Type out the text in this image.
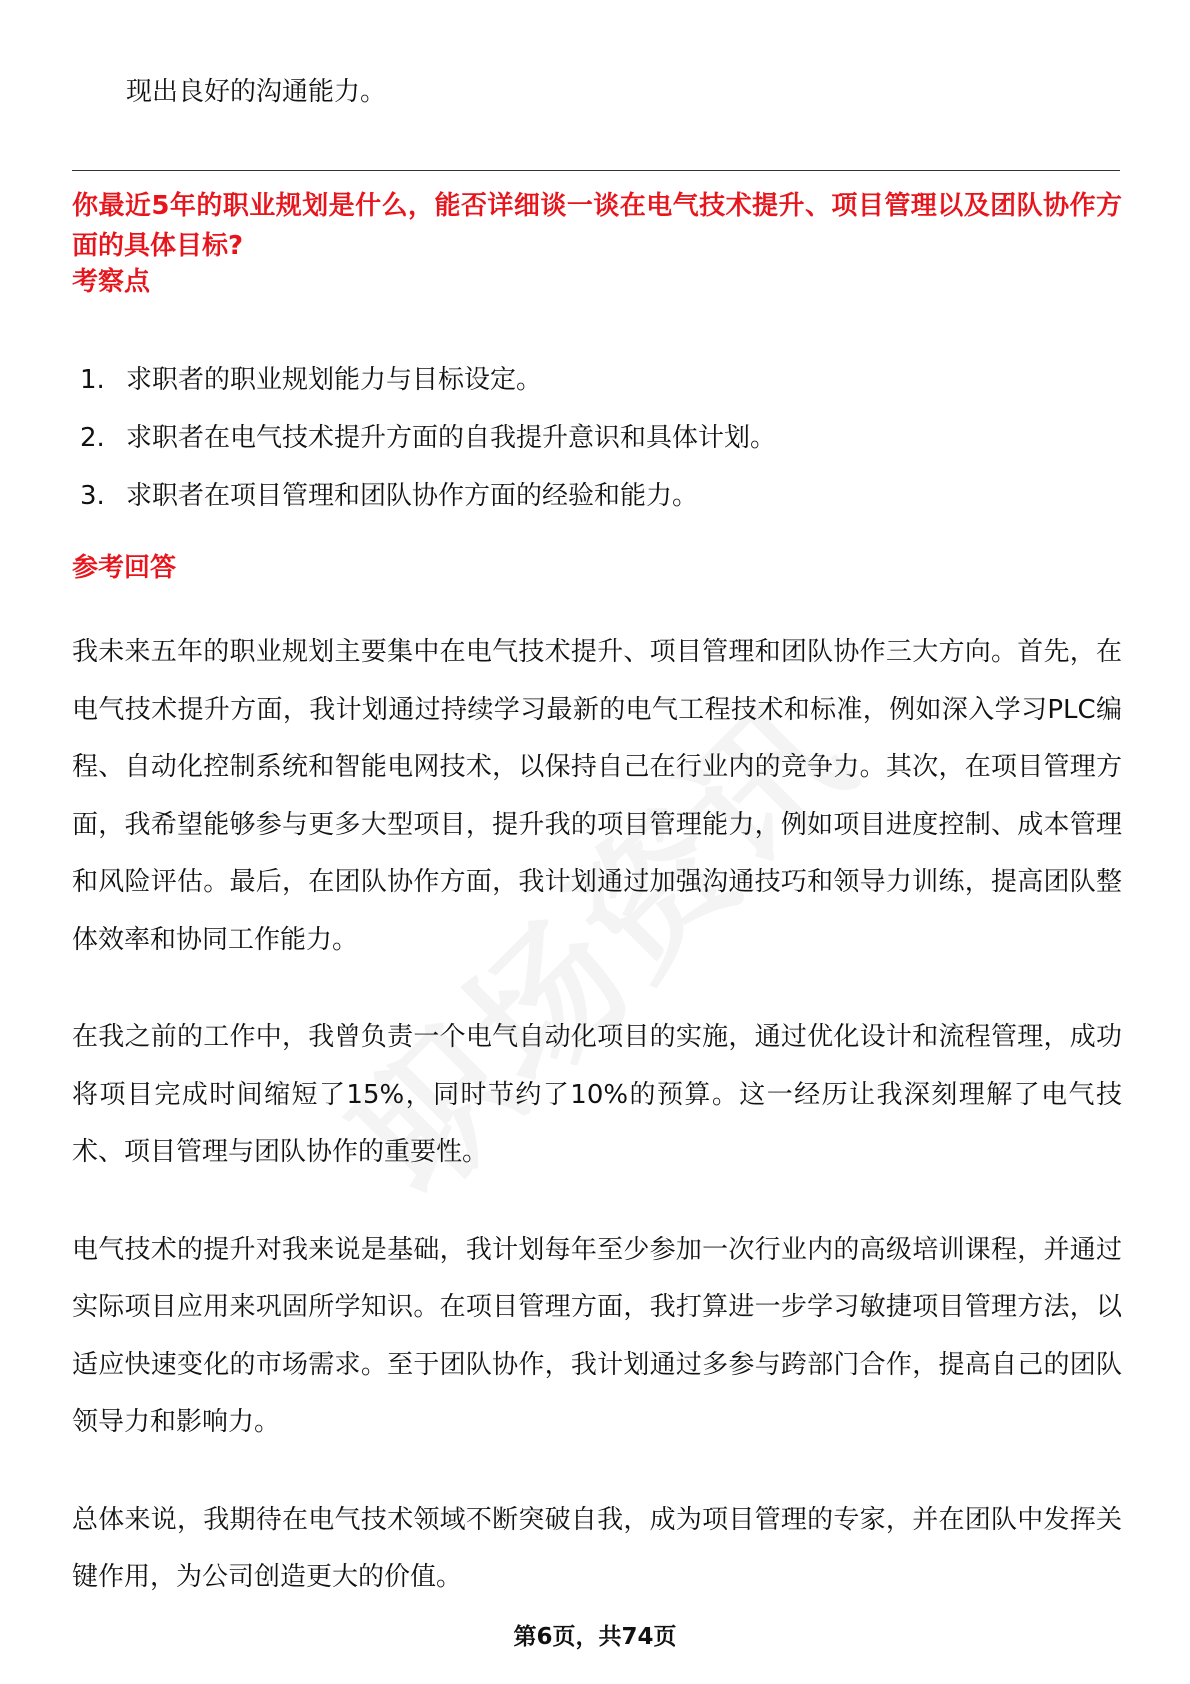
现出良好的沟通能力。
你最近5年的职业规划是什么，能否详细谈一谈在电气技术提升、项目管理以及团队协作方面的具体目标?
考察点
1. 求职者的职业规划能力与目标设定。
2. 求职者在电气技术提升方面的自我提升意识和具体计划。
3. 求职者在项目管理和团队协作方面的经验和能力。
参考回答

我未来五年的职业规划主要集中在电气技术提升、项目管理和团队协作三大方向。首先，在电气技术提升方面，我计划通过持续学习最新的电气工程技术和标准，例如深入学习PLC编程、自动化控制系统和智能电网技术，以保持自己在行业内的竞争力。其次，在项目管理方面，我希望能够参与更多大型项目，提升我的项目管理能力，例如项目进度控制、成本管理和风险评估。最后，在团队协作方面，我计划通过加强沟通技巧和领导力训练，提高团队整体效率和协同工作能力。

在我之前的工作中，我曾负责一个电气自动化项目的实施，通过优化设计和流程管理，成功将项目完成时间缩短了15%，同时节约了10%的预算。这一经历让我深刻理解了电气技术、项目管理与团队协作的重要性。

电气技术的提升对我来说是基础，我计划每年至少参加一次行业内的高级培训课程，并通过实际项目应用来巩固所学知识。在项目管理方面，我打算进一步学习敏捷项目管理方法，以适应快速变化的市场需求。至于团队协作，我计划通过多参与跨部门合作，提高自己的团队领导力和影响力。

总体来说，我期待在电气技术领域不断突破自我，成为项目管理的专家，并在团队中发挥关键作用，为公司创造更大的价值。

第6页，共74页
